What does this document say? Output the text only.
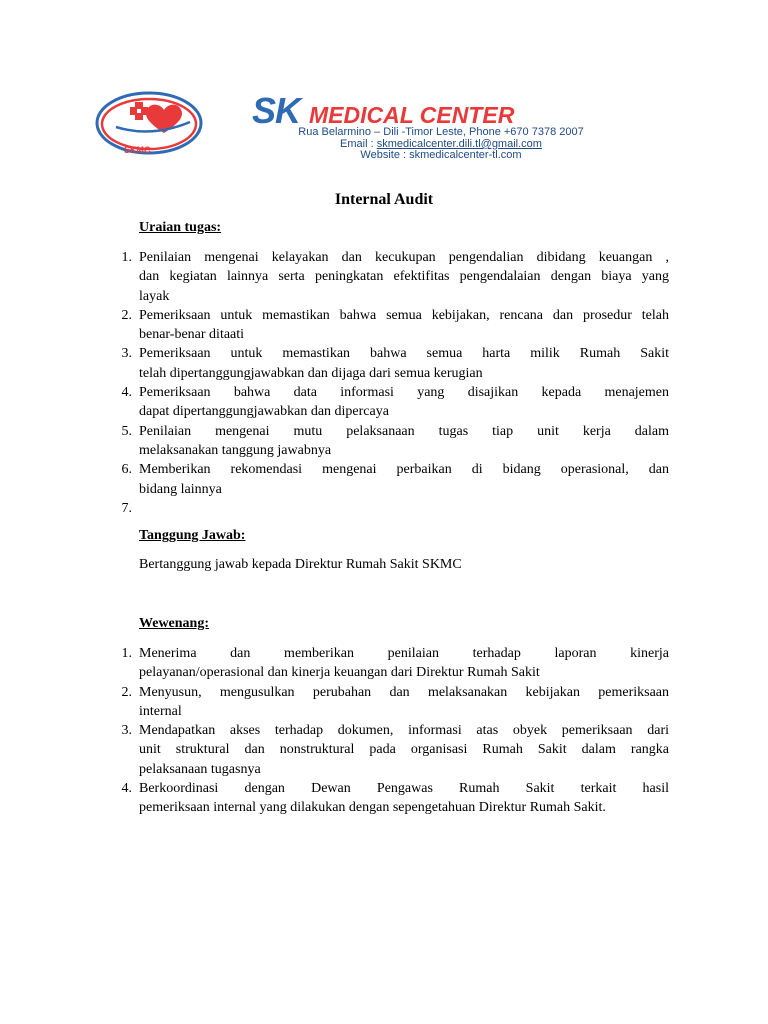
SKMC
SK MEDICAL CENTER
Rua Belarmino – Dili -Timor Leste, Phone +670 7378 2007
Email : skmedicalcenter.dili.tl@gmail.com
Website : skmedicalcenter-tl.com
Internal Audit
Uraian tugas:
1. Penilaian mengenai kelayakan dan kecukupan pengendalian dibidang keuangan ,
dan kegiatan lainnya serta peningkatan efektifitas pengendalaian dengan biaya yang
layak
2. Pemeriksaan untuk memastikan bahwa semua kebijakan, rencana dan prosedur telah
benar-benar ditaati
3. Pemeriksaan untuk memastikan bahwa semua harta milik Rumah Sakit
telah dipertanggungjawabkan dan dijaga dari semua kerugian
4. Pemeriksaan bahwa data informasi yang disajikan kepada menajemen
dapat dipertanggungjawabkan dan dipercaya
5. Penilaian mengenai mutu pelaksanaan tugas tiap unit kerja dalam
melaksanakan tanggung jawabnya
6. Memberikan rekomendasi mengenai perbaikan di bidang operasional, dan
bidang lainnya
7.

Tanggung Jawab:
Bertanggung jawab kepada Direktur Rumah Sakit SKMC
Wewenang:
1. Menerima dan memberikan penilaian terhadap laporan kinerja
pelayanan/operasional dan kinerja keuangan dari Direktur Rumah Sakit
2. Menyusun, mengusulkan perubahan dan melaksanakan kebijakan pemeriksaan
internal
3. Mendapatkan akses terhadap dokumen, informasi atas obyek pemeriksaan dari
unit struktural dan nonstruktural pada organisasi Rumah Sakit dalam rangka
pelaksanaan tugasnya
4. Berkoordinasi dengan Dewan Pengawas Rumah Sakit terkait hasil
pemeriksaan internal yang dilakukan dengan sepengetahuan Direktur Rumah Sakit.
